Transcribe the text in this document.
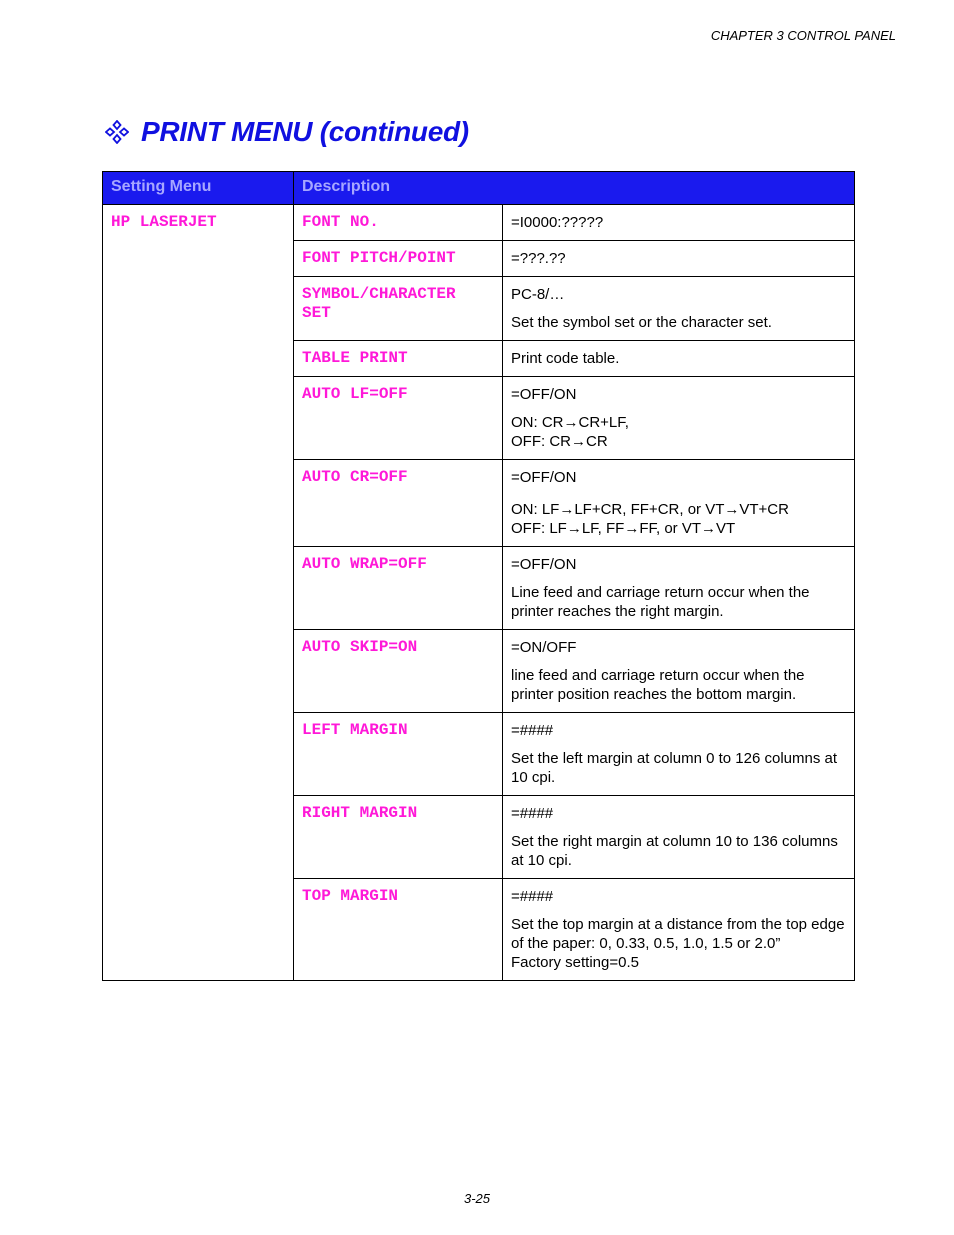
CHAPTER 3 CONTROL PANEL
PRINT MENU (continued)
Setting Menu	Description	
HP LASERJET	FONT NO.	=I0000:?????

	FONT PITCH/POINT	=???.??

	SYMBOL/CHARACTER SET	PC-8/…

Set the symbol set or the character set.

	TABLE PRINT	Print code table.

	AUTO LF=OFF	=OFF/ON

ON: CR→CR+LF,
OFF: CR→CR

	AUTO CR=OFF	=OFF/ON

ON: LF→LF+CR, FF+CR, or VT→VT+CR
OFF: LF→LF, FF→FF, or VT→VT

	AUTO WRAP=OFF	=OFF/ON

Line feed and carriage return occur when the printer reaches the right margin.

	AUTO SKIP=ON	=ON/OFF

line feed and carriage return occur when the printer position reaches the bottom margin.

	LEFT MARGIN	=####

Set the left margin at column 0 to 126 columns at 10 cpi.

	RIGHT MARGIN	=####

Set the right margin at column 10 to 136 columns at 10 cpi.

	TOP MARGIN	=####

Set the top margin at a distance from the top edge of the paper: 0, 0.33, 0.5, 1.0, 1.5 or 2.0”
Factory setting=0.5

3-25
